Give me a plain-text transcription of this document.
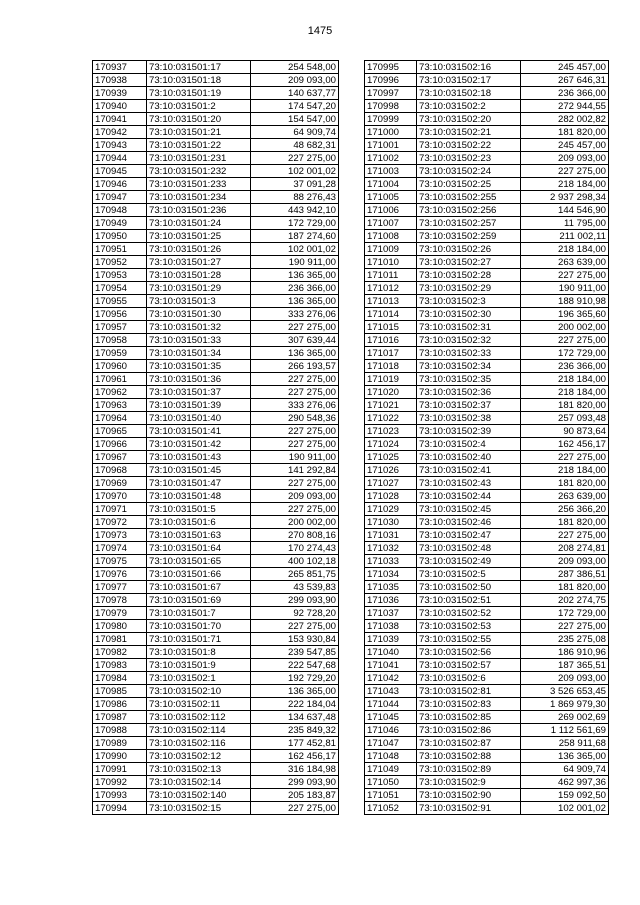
1475
170937	73:10:031501:17	254 548,00
170938	73:10:031501:18	209 093,00
170939	73:10:031501:19	140 637,77
170940	73:10:031501:2	174 547,20
170941	73:10:031501:20	154 547,00
170942	73:10:031501:21	64 909,74
170943	73:10:031501:22	48 682,31
170944	73:10:031501:231	227 275,00
170945	73:10:031501:232	102 001,02
170946	73:10:031501:233	37 091,28
170947	73:10:031501:234	88 276,43
170948	73:10:031501:236	443 942,10
170949	73:10:031501:24	172 729,00
170950	73:10:031501:25	187 274,60
170951	73:10:031501:26	102 001,02
170952	73:10:031501:27	190 911,00
170953	73:10:031501:28	136 365,00
170954	73:10:031501:29	236 366,00
170955	73:10:031501:3	136 365,00
170956	73:10:031501:30	333 276,06
170957	73:10:031501:32	227 275,00
170958	73:10:031501:33	307 639,44
170959	73:10:031501:34	136 365,00
170960	73:10:031501:35	266 193,57
170961	73:10:031501:36	227 275,00
170962	73:10:031501:37	227 275,00
170963	73:10:031501:39	333 276,06
170964	73:10:031501:40	290 548,36
170965	73:10:031501:41	227 275,00
170966	73:10:031501:42	227 275,00
170967	73:10:031501:43	190 911,00
170968	73:10:031501:45	141 292,84
170969	73:10:031501:47	227 275,00
170970	73:10:031501:48	209 093,00
170971	73:10:031501:5	227 275,00
170972	73:10:031501:6	200 002,00
170973	73:10:031501:63	270 808,16
170974	73:10:031501:64	170 274,43
170975	73:10:031501:65	400 102,18
170976	73:10:031501:66	265 851,75
170977	73:10:031501:67	43 539,83
170978	73:10:031501:69	299 093,90
170979	73:10:031501:7	92 728,20
170980	73:10:031501:70	227 275,00
170981	73:10:031501:71	153 930,84
170982	73:10:031501:8	239 547,85
170983	73:10:031501:9	222 547,68
170984	73:10:031502:1	192 729,20
170985	73:10:031502:10	136 365,00
170986	73:10:031502:11	222 184,04
170987	73:10:031502:112	134 637,48
170988	73:10:031502:114	235 849,32
170989	73:10:031502:116	177 452,81
170990	73:10:031502:12	162 456,17
170991	73:10:031502:13	316 184,98
170992	73:10:031502:14	299 093,90
170993	73:10:031502:140	205 183,87
170994	73:10:031502:15	227 275,00
170995	73:10:031502:16	245 457,00
170996	73:10:031502:17	267 646,31
170997	73:10:031502:18	236 366,00
170998	73:10:031502:2	272 944,55
170999	73:10:031502:20	282 002,82
171000	73:10:031502:21	181 820,00
171001	73:10:031502:22	245 457,00
171002	73:10:031502:23	209 093,00
171003	73:10:031502:24	227 275,00
171004	73:10:031502:25	218 184,00
171005	73:10:031502:255	2 937 298,34
171006	73:10:031502:256	144 546,90
171007	73:10:031502:257	11 795,00
171008	73:10:031502:259	211 002,11
171009	73:10:031502:26	218 184,00
171010	73:10:031502:27	263 639,00
171011	73:10:031502:28	227 275,00
171012	73:10:031502:29	190 911,00
171013	73:10:031502:3	188 910,98
171014	73:10:031502:30	196 365,60
171015	73:10:031502:31	200 002,00
171016	73:10:031502:32	227 275,00
171017	73:10:031502:33	172 729,00
171018	73:10:031502:34	236 366,00
171019	73:10:031502:35	218 184,00
171020	73:10:031502:36	218 184,00
171021	73:10:031502:37	181 820,00
171022	73:10:031502:38	257 093,48
171023	73:10:031502:39	90 873,64
171024	73:10:031502:4	162 456,17
171025	73:10:031502:40	227 275,00
171026	73:10:031502:41	218 184,00
171027	73:10:031502:43	181 820,00
171028	73:10:031502:44	263 639,00
171029	73:10:031502:45	256 366,20
171030	73:10:031502:46	181 820,00
171031	73:10:031502:47	227 275,00
171032	73:10:031502:48	208 274,81
171033	73:10:031502:49	209 093,00
171034	73:10:031502:5	287 386,51
171035	73:10:031502:50	181 820,00
171036	73:10:031502:51	202 274,75
171037	73:10:031502:52	172 729,00
171038	73:10:031502:53	227 275,00
171039	73:10:031502:55	235 275,08
171040	73:10:031502:56	186 910,96
171041	73:10:031502:57	187 365,51
171042	73:10:031502:6	209 093,00
171043	73:10:031502:81	3 526 653,45
171044	73:10:031502:83	1 869 979,30
171045	73:10:031502:85	269 002,69
171046	73:10:031502:86	1 112 561,69
171047	73:10:031502:87	258 911,68
171048	73:10:031502:88	136 365,00
171049	73:10:031502:89	64 909,74
171050	73:10:031502:9	462 997,36
171051	73:10:031502:90	159 092,50
171052	73:10:031502:91	102 001,02
